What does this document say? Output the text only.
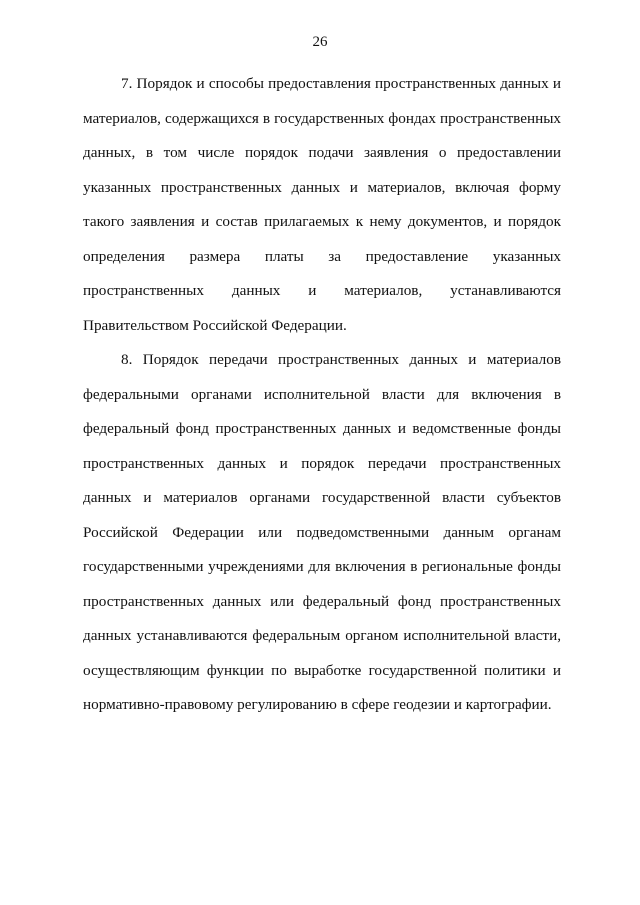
26

7. Порядок и способы предоставления пространственных данных и материалов, содержащихся в государственных фондах пространственных данных, в том числе порядок подачи заявления о предоставлении указанных пространственных данных и материалов, включая форму такого заявления и состав прилагаемых к нему документов, и порядок определения размера платы за предоставление указанных пространственных данных и материалов, устанавливаются Правительством Российской Федерации.

8. Порядок передачи пространственных данных и материалов федеральными органами исполнительной власти для включения в федеральный фонд пространственных данных и ведомственные фонды пространственных данных и порядок передачи пространственных данных и материалов органами государственной власти субъектов Российской Федерации или подведомственными данным органам государственными учреждениями для включения в региональные фонды пространственных данных или федеральный фонд пространственных данных устанавливаются федеральным органом исполнительной власти, осуществляющим функции по выработке государственной политики и нормативно-правовому регулированию в сфере геодезии и картографии.
